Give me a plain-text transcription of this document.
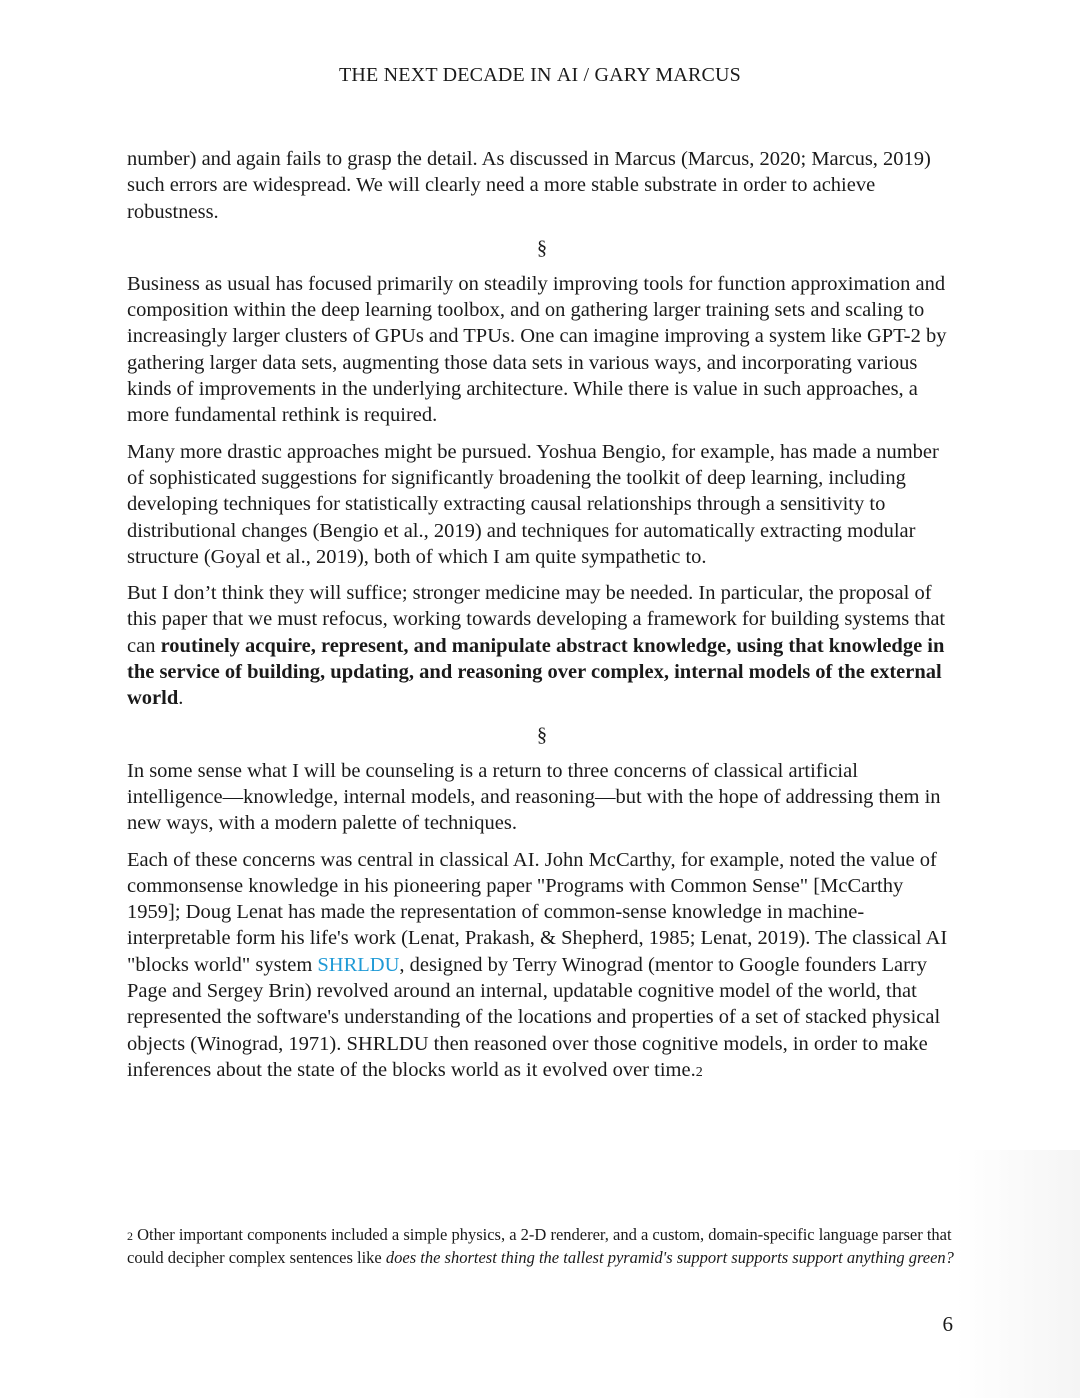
THE NEXT DECADE IN AI / GARY MARCUS

number) and again fails to grasp the detail. As discussed in Marcus (Marcus, 2020; Marcus, 2019) such errors are widespread. We will clearly need a more stable substrate in order to achieve robustness.

§

Business as usual has focused primarily on steadily improving tools for function approximation and composition within the deep learning toolbox, and on gathering larger training sets and scaling to increasingly larger clusters of GPUs and TPUs. One can imagine improving a system like GPT-2 by gathering larger data sets, augmenting those data sets in various ways, and incorporating various kinds of improvements in the underlying architecture. While there is value in such approaches, a more fundamental rethink is required.

Many more drastic approaches might be pursued. Yoshua Bengio, for example, has made a number of sophisticated suggestions for significantly broadening the toolkit of deep learning, including developing techniques for statistically extracting causal relationships through a sensitivity to distributional changes (Bengio et al., 2019) and techniques for automatically extracting modular structure (Goyal et al., 2019), both of which I am quite sympathetic to.

But I don’t think they will suffice; stronger medicine may be needed. In particular, the proposal of this paper that we must refocus, working towards developing a framework for building systems that can routinely acquire, represent, and manipulate abstract knowledge, using that knowledge in the service of building, updating, and reasoning over complex, internal models of the external world.

§

In some sense what I will be counseling is a return to three concerns of classical artificial intelligence—knowledge, internal models, and reasoning—but with the hope of addressing them in new ways, with a modern palette of techniques.

Each of these concerns was central in classical AI. John McCarthy, for example, noted the value of commonsense knowledge in his pioneering paper "Programs with Common Sense" [McCarthy 1959]; Doug Lenat has made the representation of common-sense knowledge in machine-interpretable form his life's work (Lenat, Prakash, & Shepherd, 1985; Lenat, 2019). The classical AI "blocks world" system SHRLDU, designed by Terry Winograd (mentor to Google founders Larry Page and Sergey Brin) revolved around an internal, updatable cognitive model of the world, that represented the software's understanding of the locations and properties of a set of stacked physical objects (Winograd, 1971). SHRLDU then reasoned over those cognitive models, in order to make inferences about the state of the blocks world as it evolved over time.2

2 Other important components included a simple physics, a 2-D renderer, and a custom, domain-specific language parser that could decipher complex sentences like does the shortest thing the tallest pyramid's support supports support anything green?
6
